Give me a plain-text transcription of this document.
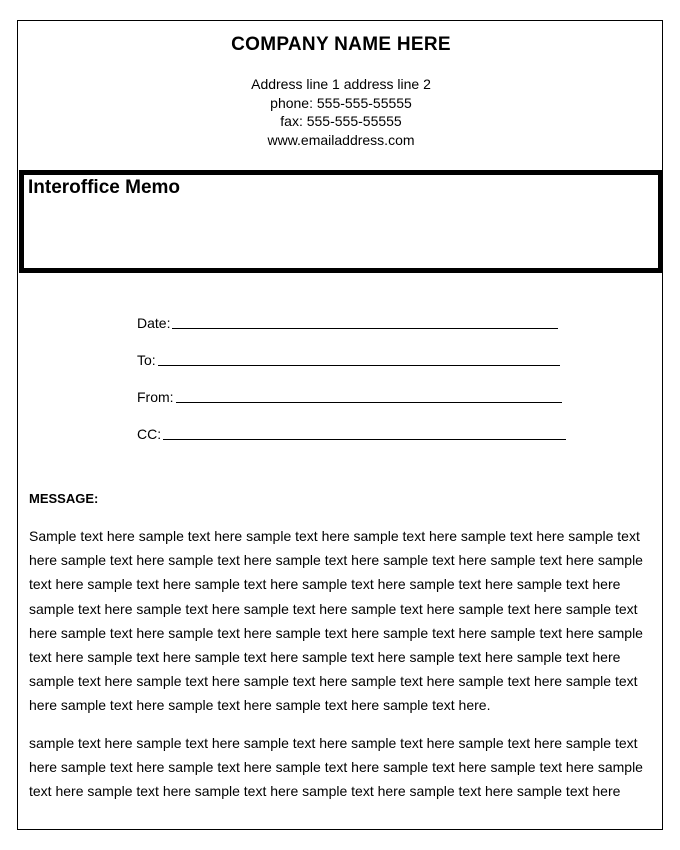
COMPANY NAME HERE
Address line 1 address line 2
phone: 555-555-55555
fax: 555-555-55555
www.emailaddress.com
Interoffice Memo
Date:
To:
From:
CC:
MESSAGE:
Sample text here sample text here sample text here sample text here sample text here sample text
here sample text here sample text here sample text here sample text here sample text here sample
text here sample text here sample text here sample text here sample text here sample text here
sample text here sample text here sample text here sample text here sample text here sample text
here sample text here sample text here sample text here sample text here sample text here sample
text here sample text here sample text here sample text here sample text here sample text here
sample text here sample text here sample text here sample text here sample text here sample text
here sample text here sample text here sample text here sample text here.
sample text here sample text here sample text here sample text here sample text here sample text
here sample text here sample text here sample text here sample text here sample text here sample
text here sample text here sample text here sample text here sample text here sample text here
